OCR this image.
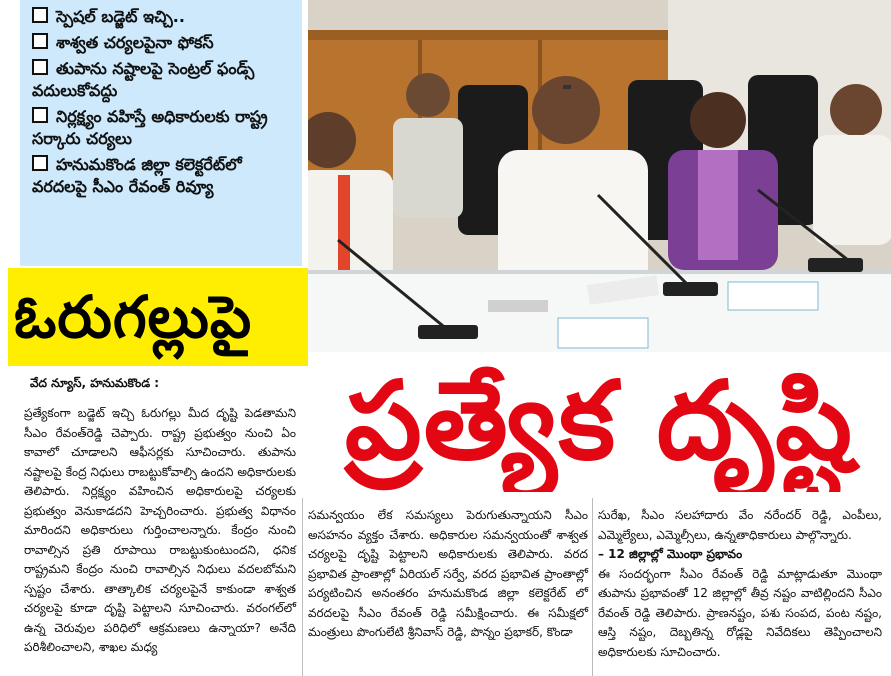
స్పెషల్ బడ్జెట్ ఇచ్చి..
శాశ్వత చర్యలపైనా ఫోకస్
తుపాను నష్టాలపై సెంట్రల్ ఫండ్స్ వదులుకోవద్దు
నిర్లక్ష్యం వహిస్తే అధికారులకు రాష్ట్ర సర్కారు చర్యలు
హనుమకొండ జిల్లా కలెక్టరేట్‌లో వరదలపై సీఎం రేవంత్ రివ్యూ
ఓరుగల్లుపై
ప్రత్యేక దృష్టి
వేద న్యూస్, హనుమకొండ :

ప్రత్యేకంగా బడ్జెట్ ఇచ్చి ఓరుగల్లు మీద దృష్టి పెడతామని సీఎం రేవంత్‌రెడ్డి చెప్పారు. రాష్ట్ర ప్రభుత్వం నుంచి ఏం కావాలో చూడాలని ఆఫీసర్లకు సూచించారు. తుపాను నష్టాలపై కేంద్ర నిధులు రాబట్టుకోవాల్సి ఉందని అధికారులకు తెలిపారు. నిర్లక్ష్యం వహించిన అధికారులపై చర్యలకు ప్రభుత్వం వెనుకాడదని హెచ్చరించారు. ప్రభుత్వ విధానం మారిందని అధికారులు గుర్తించాలన్నారు. కేంద్రం నుంచి రావాల్సిన ప్రతి రూపాయి రాబట్టుకుంటుందని, ధనిక రాష్ట్రమని కేంద్రం నుంచి రావాల్సిన నిధులు వదలబోమని స్పష్టం చేశారు. తాత్కాలిక చర్యలపైనే కాకుండా శాశ్వత చర్యలపై కూడా దృష్టి పెట్టాలని సూచించారు. వరంగల్‌లో ఉన్న చెరువుల పరిధిలో ఆక్రమణలు ఉన్నాయా? అనేది పరిశీలించాలని, శాఖల మధ్య

సమన్వయం లేక సమస్యలు పెరుగుతున్నాయని సీఎం అసహనం వ్యక్తం చేశారు. అధికారుల సమన్వయంతో శాశ్వత చర్యలపై దృష్టి పెట్టాలని అధికారులకు తెలిపారు. వరద ప్రభావిత ప్రాంతాల్లో ఏరియల్ సర్వే, వరద ప్రభావిత ప్రాంతాల్లో పర్యటించిన అనంతరం హనుమకొండ జిల్లా కలెక్టరేట్ లో వరదలపై సీఎం రేవంత్ రెడ్డి సమీక్షించారు. ఈ సమీక్షలో మంత్రులు పొంగులేటి శ్రీనివాస్ రెడ్డి, పొన్నం ప్రభాకర్, కొండా

సురేఖ, సీఎం సలహాదారు వేం నరేందర్ రెడ్డి, ఎంపీలు, ఎమ్మెల్యేలు, ఎమ్మెల్సీలు, ఉన్నతాధికారులు పాల్గొన్నారు.

– 12 జిల్లాల్లో మొంథా ప్రభావం

ఈ సందర్భంగా సీఎం రేవంత్ రెడ్డి మాట్లాడుతూ మొంథా తుపాను ప్రభావంతో 12 జిల్లాల్లో తీవ్ర నష్టం వాటిల్లిందని సీఎం రేవంత్ రెడ్డి తెలిపారు. ప్రాణనష్టం, పశు సంపద, పంట నష్టం, ఆస్తి నష్టం, దెబ్బతిన్న రోడ్లపై నివేదికలు తెప్పించాలని అధికారులకు సూచించారు.
